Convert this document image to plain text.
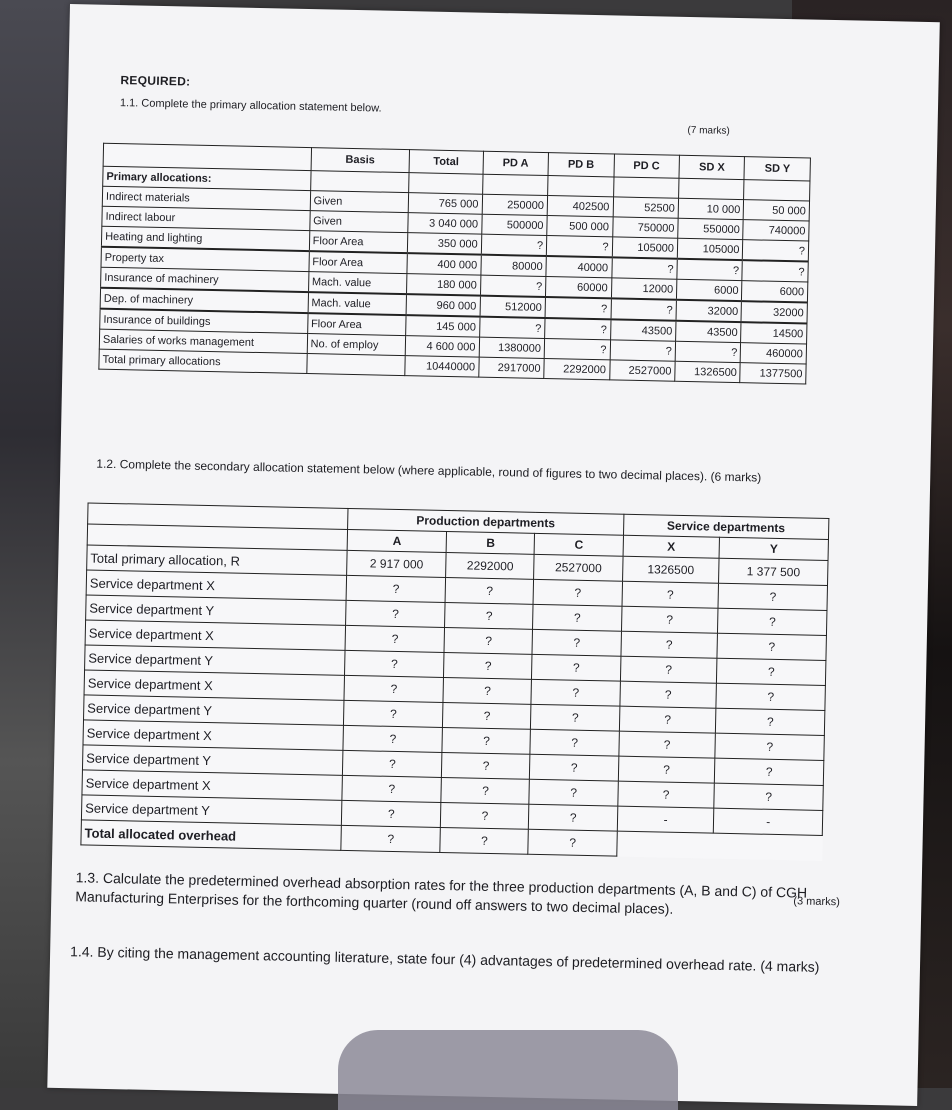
REQUIRED:
1.1. Complete the primary allocation statement below.
(7 marks)
	Basis	Total	PD A	PD B	PD C	SD X	SD Y
Primary allocations:							
Indirect materials	Given	765 000	250000	402500	52500	10 000	50 000
Indirect labour	Given	3 040 000	500000	500 000	750000	550000	740000
Heating and lighting	Floor Area	350 000	?	?	105000	105000	?
Property tax	Floor Area	400 000	80000	40000	?	?	?
Insurance of machinery	Mach. value	180 000	?	60000	12000	6000	6000
Dep. of machinery	Mach. value	960 000	512000	?	?	32000	32000
Insurance of buildings	Floor Area	145 000	?	?	43500	43500	14500
Salaries of works management	No. of employ	4 600 000	1380000	?	?	?	460000
Total primary allocations		10440000	2917000	2292000	2527000	1326500	1377500
1.2. Complete the secondary allocation statement below (where applicable, round of figures to two decimal places). (6 marks)
	Production departments			Service departments	
	A	B	C	X	Y
Total primary allocation, R	2 917 000	2292000	2527000	1326500	1 377 500
Service department X	?	?	?	?	?
Service department Y	?	?	?	?	?
Service department X	?	?	?	?	?
Service department Y	?	?	?	?	?
Service department X	?	?	?	?	?
Service department Y	?	?	?	?	?
Service department X	?	?	?	?	?
Service department Y	?	?	?	?	?
Service department X	?	?	?	?	?
Service department Y	?	?	?	-	-
Total allocated overhead	?	?	?		
1.3. Calculate the predetermined overhead absorption rates for the three production departments (A, B and C) of CGH Manufacturing Enterprises for the forthcoming quarter (round off answers to two decimal places).	(3 marks)
1.4. By citing the management accounting literature, state four (4) advantages of predetermined overhead rate. (4 marks)
